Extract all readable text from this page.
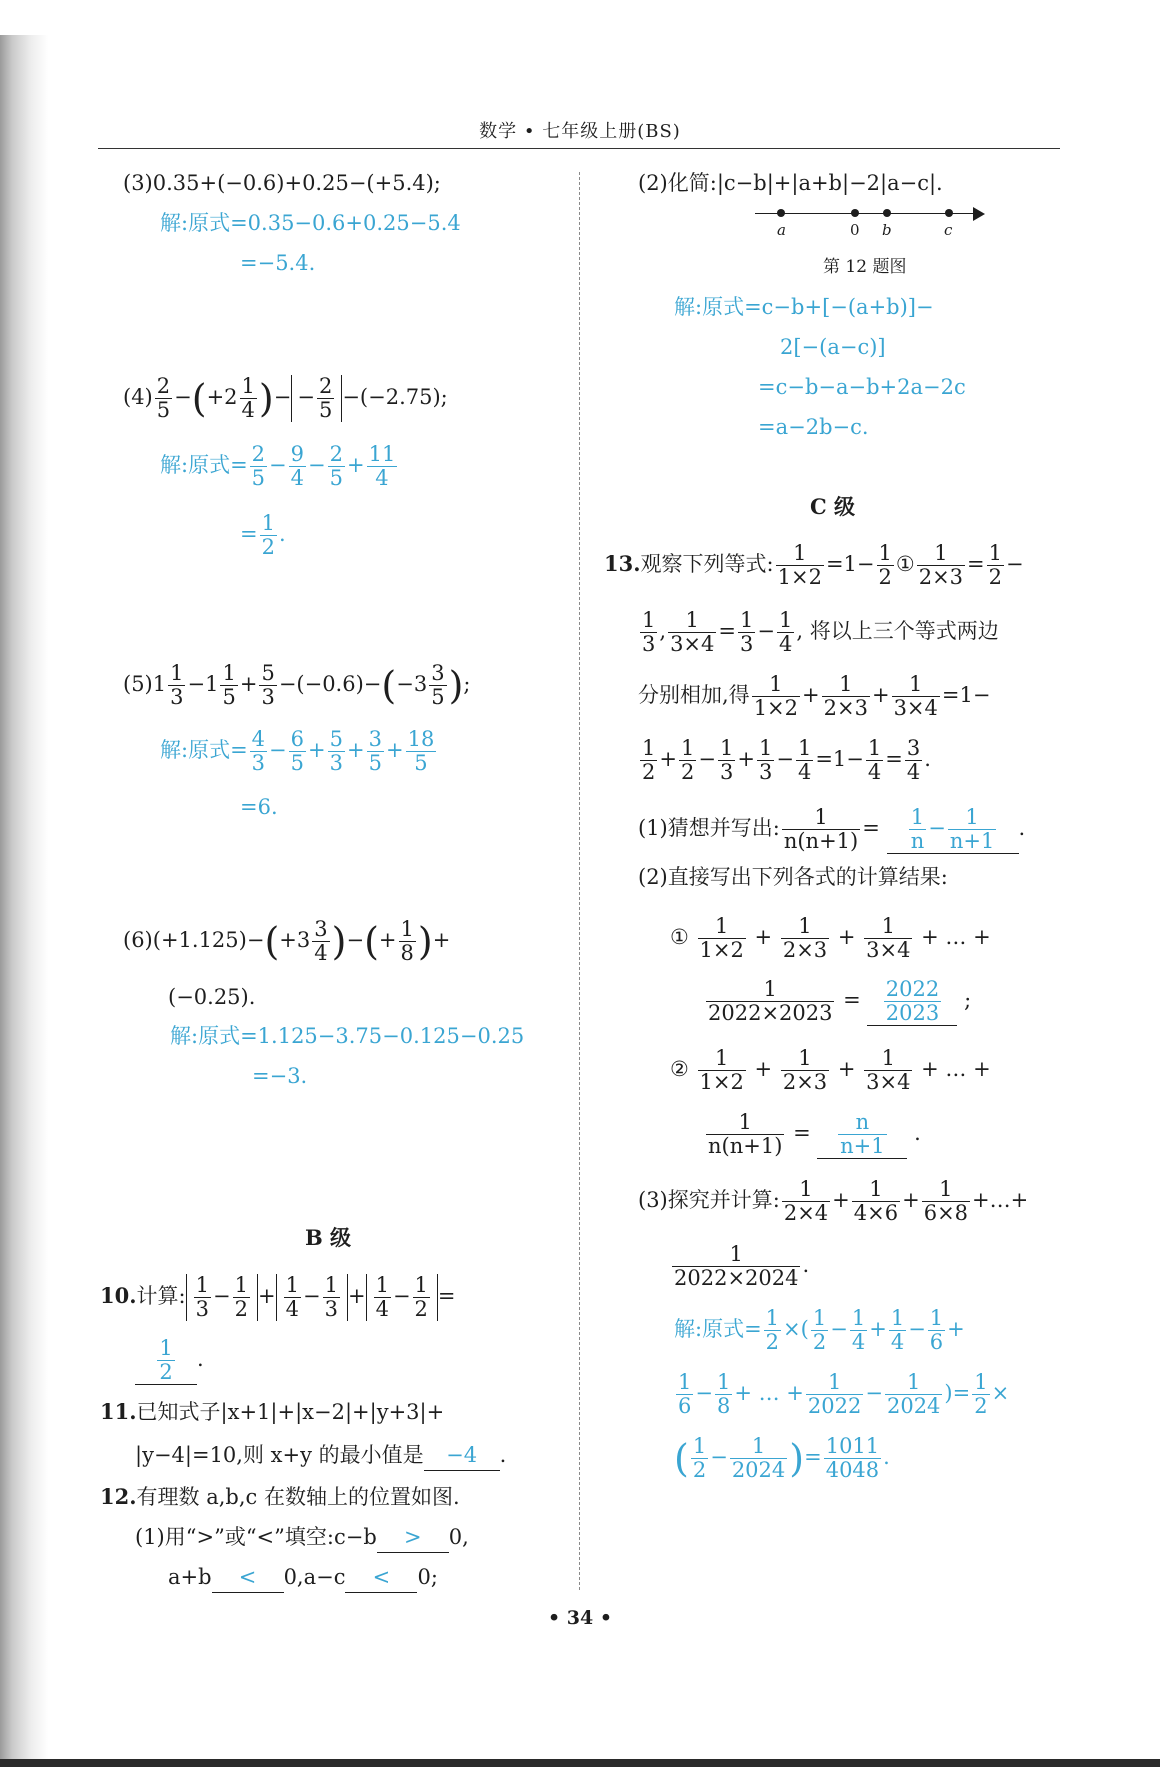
数学 • 七年级上册(BS)
(3)0.35+(−0.6)+0.25−(+5.4);
解:原式=0.35−0.6+0.25−5.4
=−5.4.
$(4) \frac{2}{5} -(+2 \frac{1}{4}$ )− − $\frac{2}{5} -(-2.75)$;
解:原式= $\frac{2}{5} - \frac{9}{4} - \frac{2}{5} + \frac{11}{4}$
= $\frac{1}{2}$ .
$(5)1 \frac{1}{3} -1 \frac{1}{5} + \frac{5}{3} -(-0.6)-(-3 \frac{3}{5}$ );
解:原式= $\frac{4}{3} - \frac{6}{5} + \frac{5}{3} + \frac{3}{5} + \frac{18}{5}$
=6.
$(6)(+1.125)-(+3 \frac{3}{4}$ )−(+ $\frac{1}{8}$ )+
(−0.25).
解:原式=1.125−3.75−0.125−0.25
=−3.
B 级
10.计算: $\frac{1}{3} - \frac{1}{2} + \frac{1}{4} - \frac{1}{3} + \frac{1}{4} - \frac{1}{2}$ =
$\frac{1}{2}$ .
11.已知式子|x+1|+|x−2|+|y+3|+
|y−4|=10,则 x+y 的最小值是 −4 .
12.有理数 a,b,c 在数轴上的位置如图.
(1)用“>”或“<”填空:c−b > 0,
a+b < 0,a−c < 0;
(2)化简:|c−b|+|a+b|−2|a−c|.
a	0 b	c
第 12 题图
解:原式=c−b+[−(a+b)]−
2[−(a−c)]
=c−b−a−b+2a−2c
=a−2b−c.
C 级
13.观察下列等式: $\frac{1}{1\times 2} =1- \frac{1}{2}$ ① $\frac{1}{2\times 3} = \frac{1}{2}$ −
$\frac{1}{3}$ , $\frac{1}{3\times 4} = \frac{1}{3} - \frac{1}{4}$ , 将以上三个等式两边
分别相加,得 $\frac{1}{1\times 2} + \frac{1}{2\times 3} + \frac{1}{3\times 4} =1-$
$\frac{1}{2} + \frac{1}{2} - \frac{1}{3} + \frac{1}{3} - \frac{1}{4} =1- \frac{1}{4} = \frac{3}{4}$ .
(1)猜想并写出: $\frac{1}{n(n+1)} = \frac{1}{n} - \frac{1}{n+1}$ .
(2)直接写出下列各式的计算结果:
① $\frac{1}{1\times 2} + \frac{1}{2\times 3} + \frac{1}{3\times 4}$ + … +
$\frac{1}{2022\times 2023} = \frac{2022}{2023}$ ;
② $\frac{1}{1\times 2} + \frac{1}{2\times 3} + \frac{1}{3\times 4}$ + … +
$\frac{1}{n(n+1)} = \frac{n}{n+1}$ .
(3)探究并计算: $\frac{1}{2\times 4} + \frac{1}{4\times 6} + \frac{1}{6\times 8}$ +…+
$\frac{1}{2022\times 2024}$ .
解:原式= $\frac{1}{2}$ ×( $\frac{1}{2} - \frac{1}{4} + \frac{1}{4} - \frac{1}{6}$ +
$\frac{1}{6} - \frac{1}{8}$ + … + $\frac{1}{2022} - \frac{1}{2024}$ )= $\frac{1}{2}$ ×
( $\frac{1}{2} - \frac{1}{2024}$ )= $\frac{1011}{4048}$ .
• 34 •
